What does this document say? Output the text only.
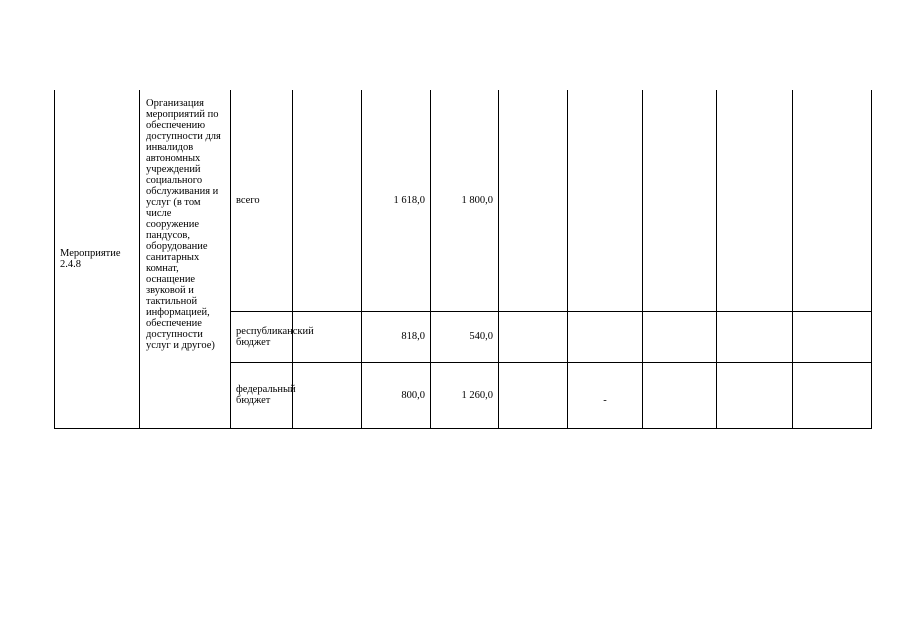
Мероприятие 2.4.8	Организация мероприятий по обеспечению доступности для инвалидов автономных учреждений социального обслуживания и услуг (в том числе сооружение пандусов, оборудование санитарных комнат, оснащение звуковой и тактильной информацией, обеспечение доступности услуг и другое)	всего		1 618,0	1 800,0					
		республиканский бюджет		818,0	540,0					
		федеральный бюджет		800,0	1 260,0		-			
